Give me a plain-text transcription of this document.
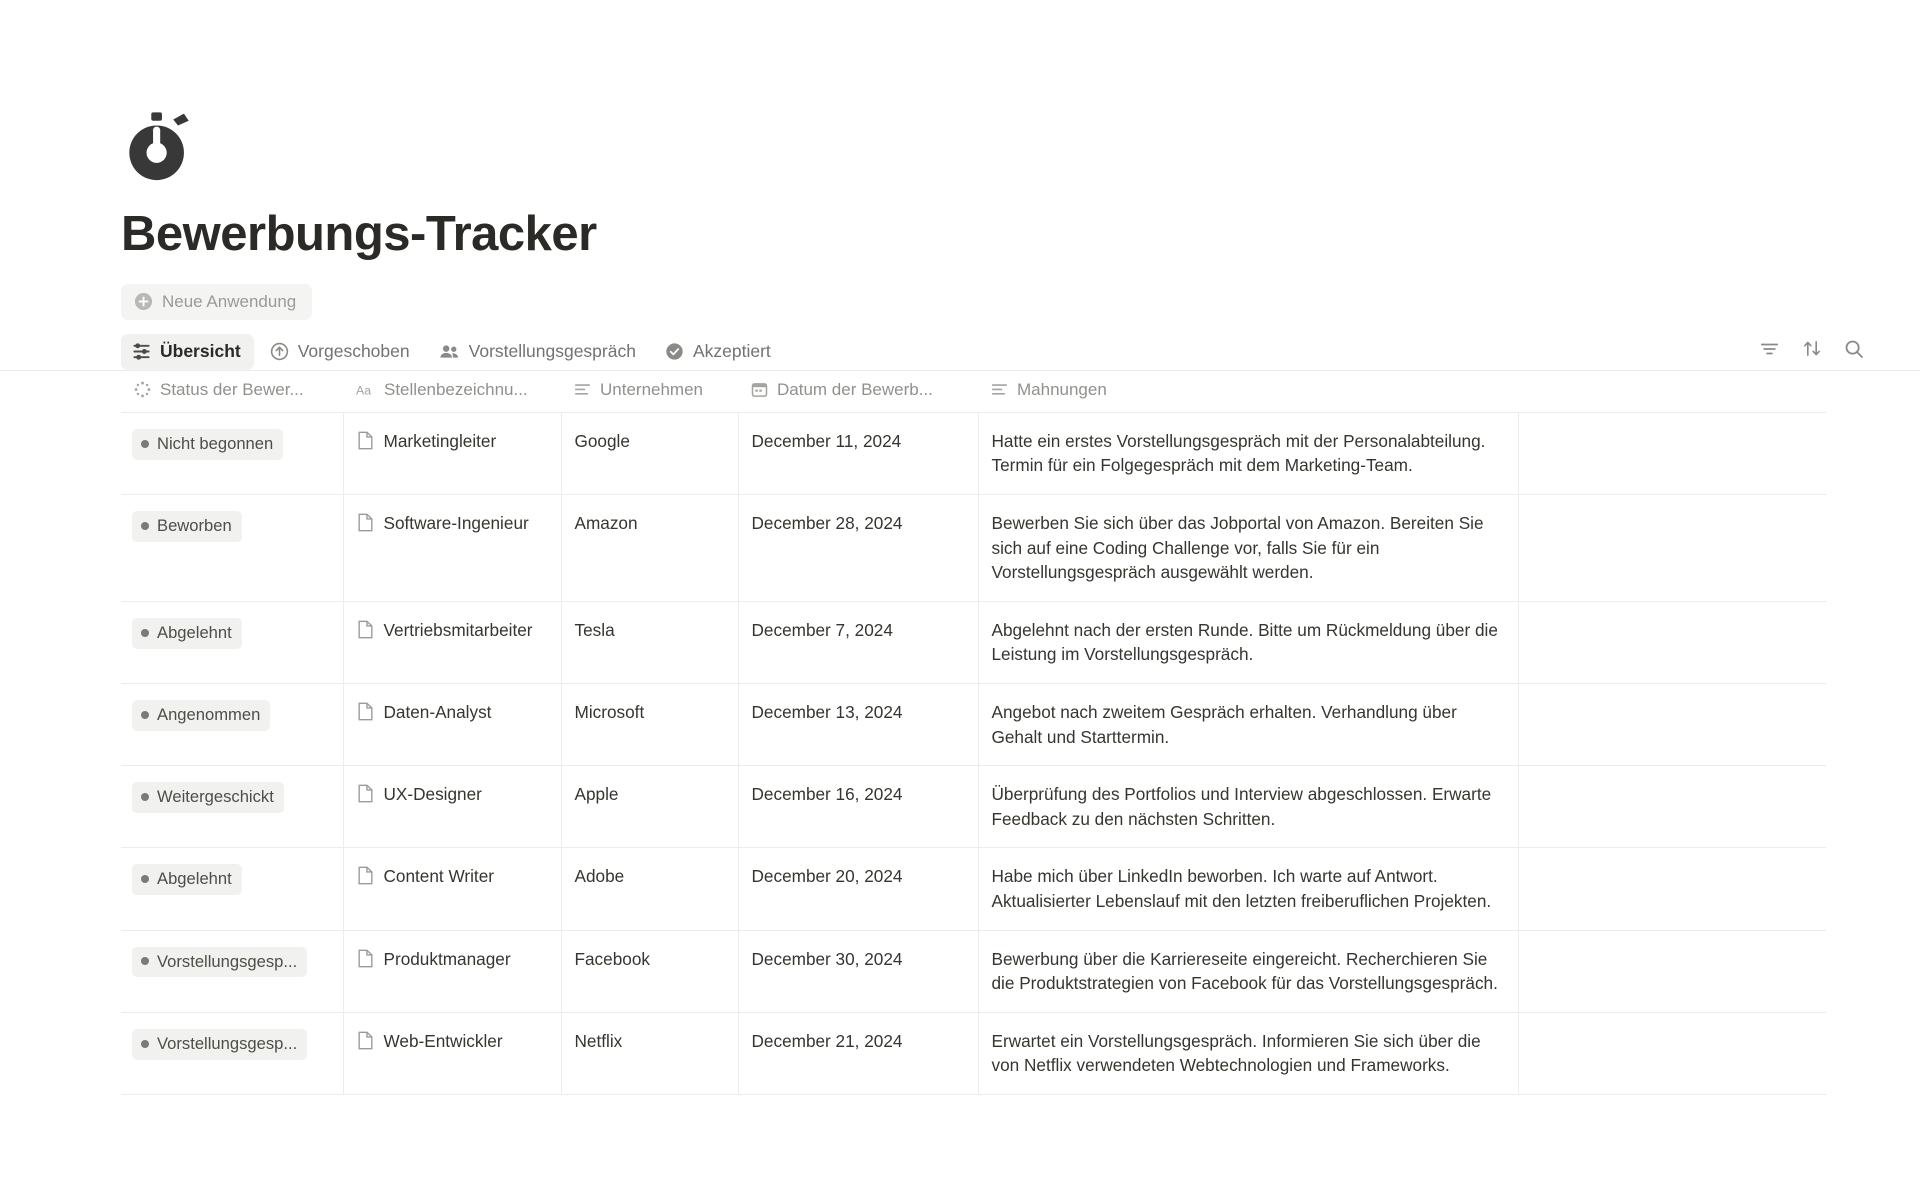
Bewerbungs-Tracker
Neue Anwendung
Übersicht	Vorgeschoben	Vorstellungsgespräch	Akzeptiert
Status der Bewer...	Aa Stellenbezeichnu...	Unternehmen	Datum der Bewerb...	Mahnungen	

Nicht begonnen	Marketingleiter	Google	December 11, 2024	Hatte ein erstes Vorstellungsgespräch mit der Personalabteilung. Termin für ein Folgegespräch mit dem Marketing-Team.	

Beworben	Software-Ingenieur	Amazon	December 28, 2024	Bewerben Sie sich über das Jobportal von Amazon. Bereiten Sie sich auf eine Coding Challenge vor, falls Sie für ein Vorstellungsgespräch ausgewählt werden.	

Abgelehnt	Vertriebsmitarbeiter	Tesla	December 7, 2024	Abgelehnt nach der ersten Runde. Bitte um Rückmeldung über die Leistung im Vorstellungsgespräch.	

Angenommen	Daten-Analyst	Microsoft	December 13, 2024	Angebot nach zweitem Gespräch erhalten. Verhandlung über Gehalt und Starttermin.	

Weitergeschickt	UX-Designer	Apple	December 16, 2024	Überprüfung des Portfolios und Interview abgeschlossen. Erwarte Feedback zu den nächsten Schritten.	

Abgelehnt	Content Writer	Adobe	December 20, 2024	Habe mich über LinkedIn beworben. Ich warte auf Antwort. Aktualisierter Lebenslauf mit den letzten freiberuflichen Projekten.	

Vorstellungsgesp...	Produktmanager	Facebook	December 30, 2024	Bewerbung über die Karriereseite eingereicht. Recherchieren Sie die Produktstrategien von Facebook für das Vorstellungsgespräch.	

Vorstellungsgesp...	Web-Entwickler	Netflix	December 21, 2024	Erwartet ein Vorstellungsgespräch. Informieren Sie sich über die von Netflix verwendeten Webtechnologien und Frameworks.	
